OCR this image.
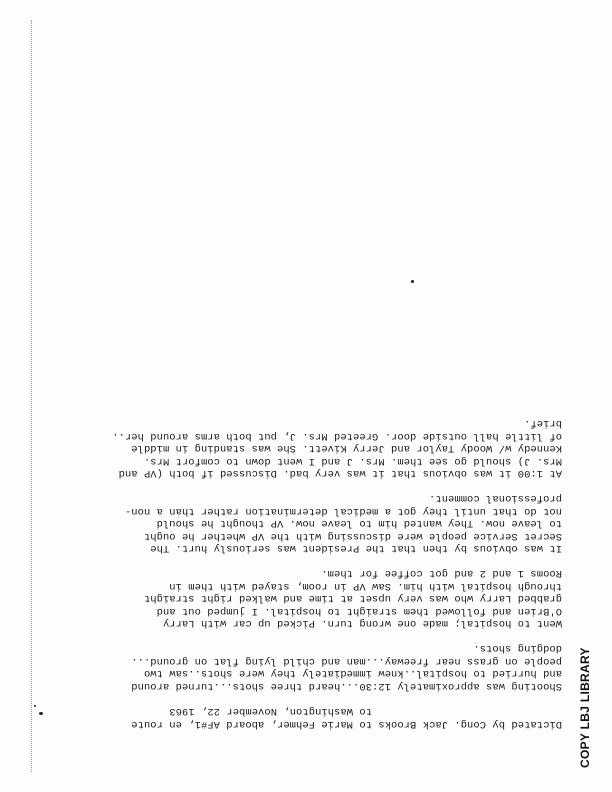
Dictated by Cong. Jack Brooks to Marie Fehmer, aboard AF#1, en route

to Washington, November 22, 1963

Shooting was approximately 12:30...heard three shots...turned around
and hurried to hospital..knew immediately they were shots..saw two
people on grass near freeway...man and child lying flat on ground...
dodging shots.

Went to hospital; made one wrong turn. Picked up car with Larry
O'Brien and followed them straight to hospital. I jumped out and
grabbed Larry who was very upset at time and walked right straight
through hospital with him. Saw VP in room, stayed with them in
Rooms 1 and 2 and got coffee for them.

It was obvious by then that the President was seriously hurt. The
Secret Service people were discussing with the VP whether he ought
to leave now. They wanted him to leave now. VP thought he should
not do that until they got a medical determination rather than a non-
professional comment.

At 1:00 it was obvious that it was very bad. Discussed if both (VP and
Mrs. J) should go see them. Mrs. J and I went down to comfort Mrs.
Kennedy w/ Woody Taylor and Jerry Kivett. She was standing in middle
of little hall outside door. Greeted Mrs. J, put both arms around her..
brief.

COPY LBJ LIBRARY
